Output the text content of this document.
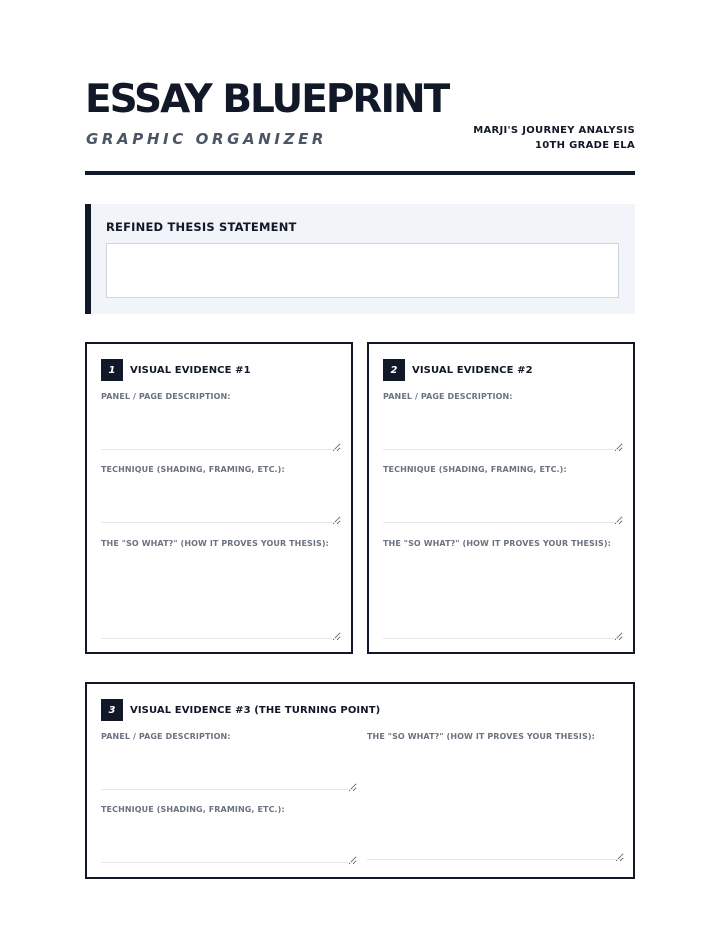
ESSAY BLUEPRINT
GRAPHIC ORGANIZER	MARJI'S JOURNEY ANALYSIS
10TH GRADE ELA
REFINED THESIS STATEMENT
1	VISUAL EVIDENCE #1
PANEL / PAGE DESCRIPTION:
TECHNIQUE (SHADING, FRAMING, ETC.):
THE "SO WHAT?" (HOW IT PROVES YOUR THESIS):
2	VISUAL EVIDENCE #2
PANEL / PAGE DESCRIPTION:
TECHNIQUE (SHADING, FRAMING, ETC.):
THE "SO WHAT?" (HOW IT PROVES YOUR THESIS):
3	VISUAL EVIDENCE #3 (THE TURNING POINT)
PANEL / PAGE DESCRIPTION:
TECHNIQUE (SHADING, FRAMING, ETC.):
THE "SO WHAT?" (HOW IT PROVES YOUR THESIS):
